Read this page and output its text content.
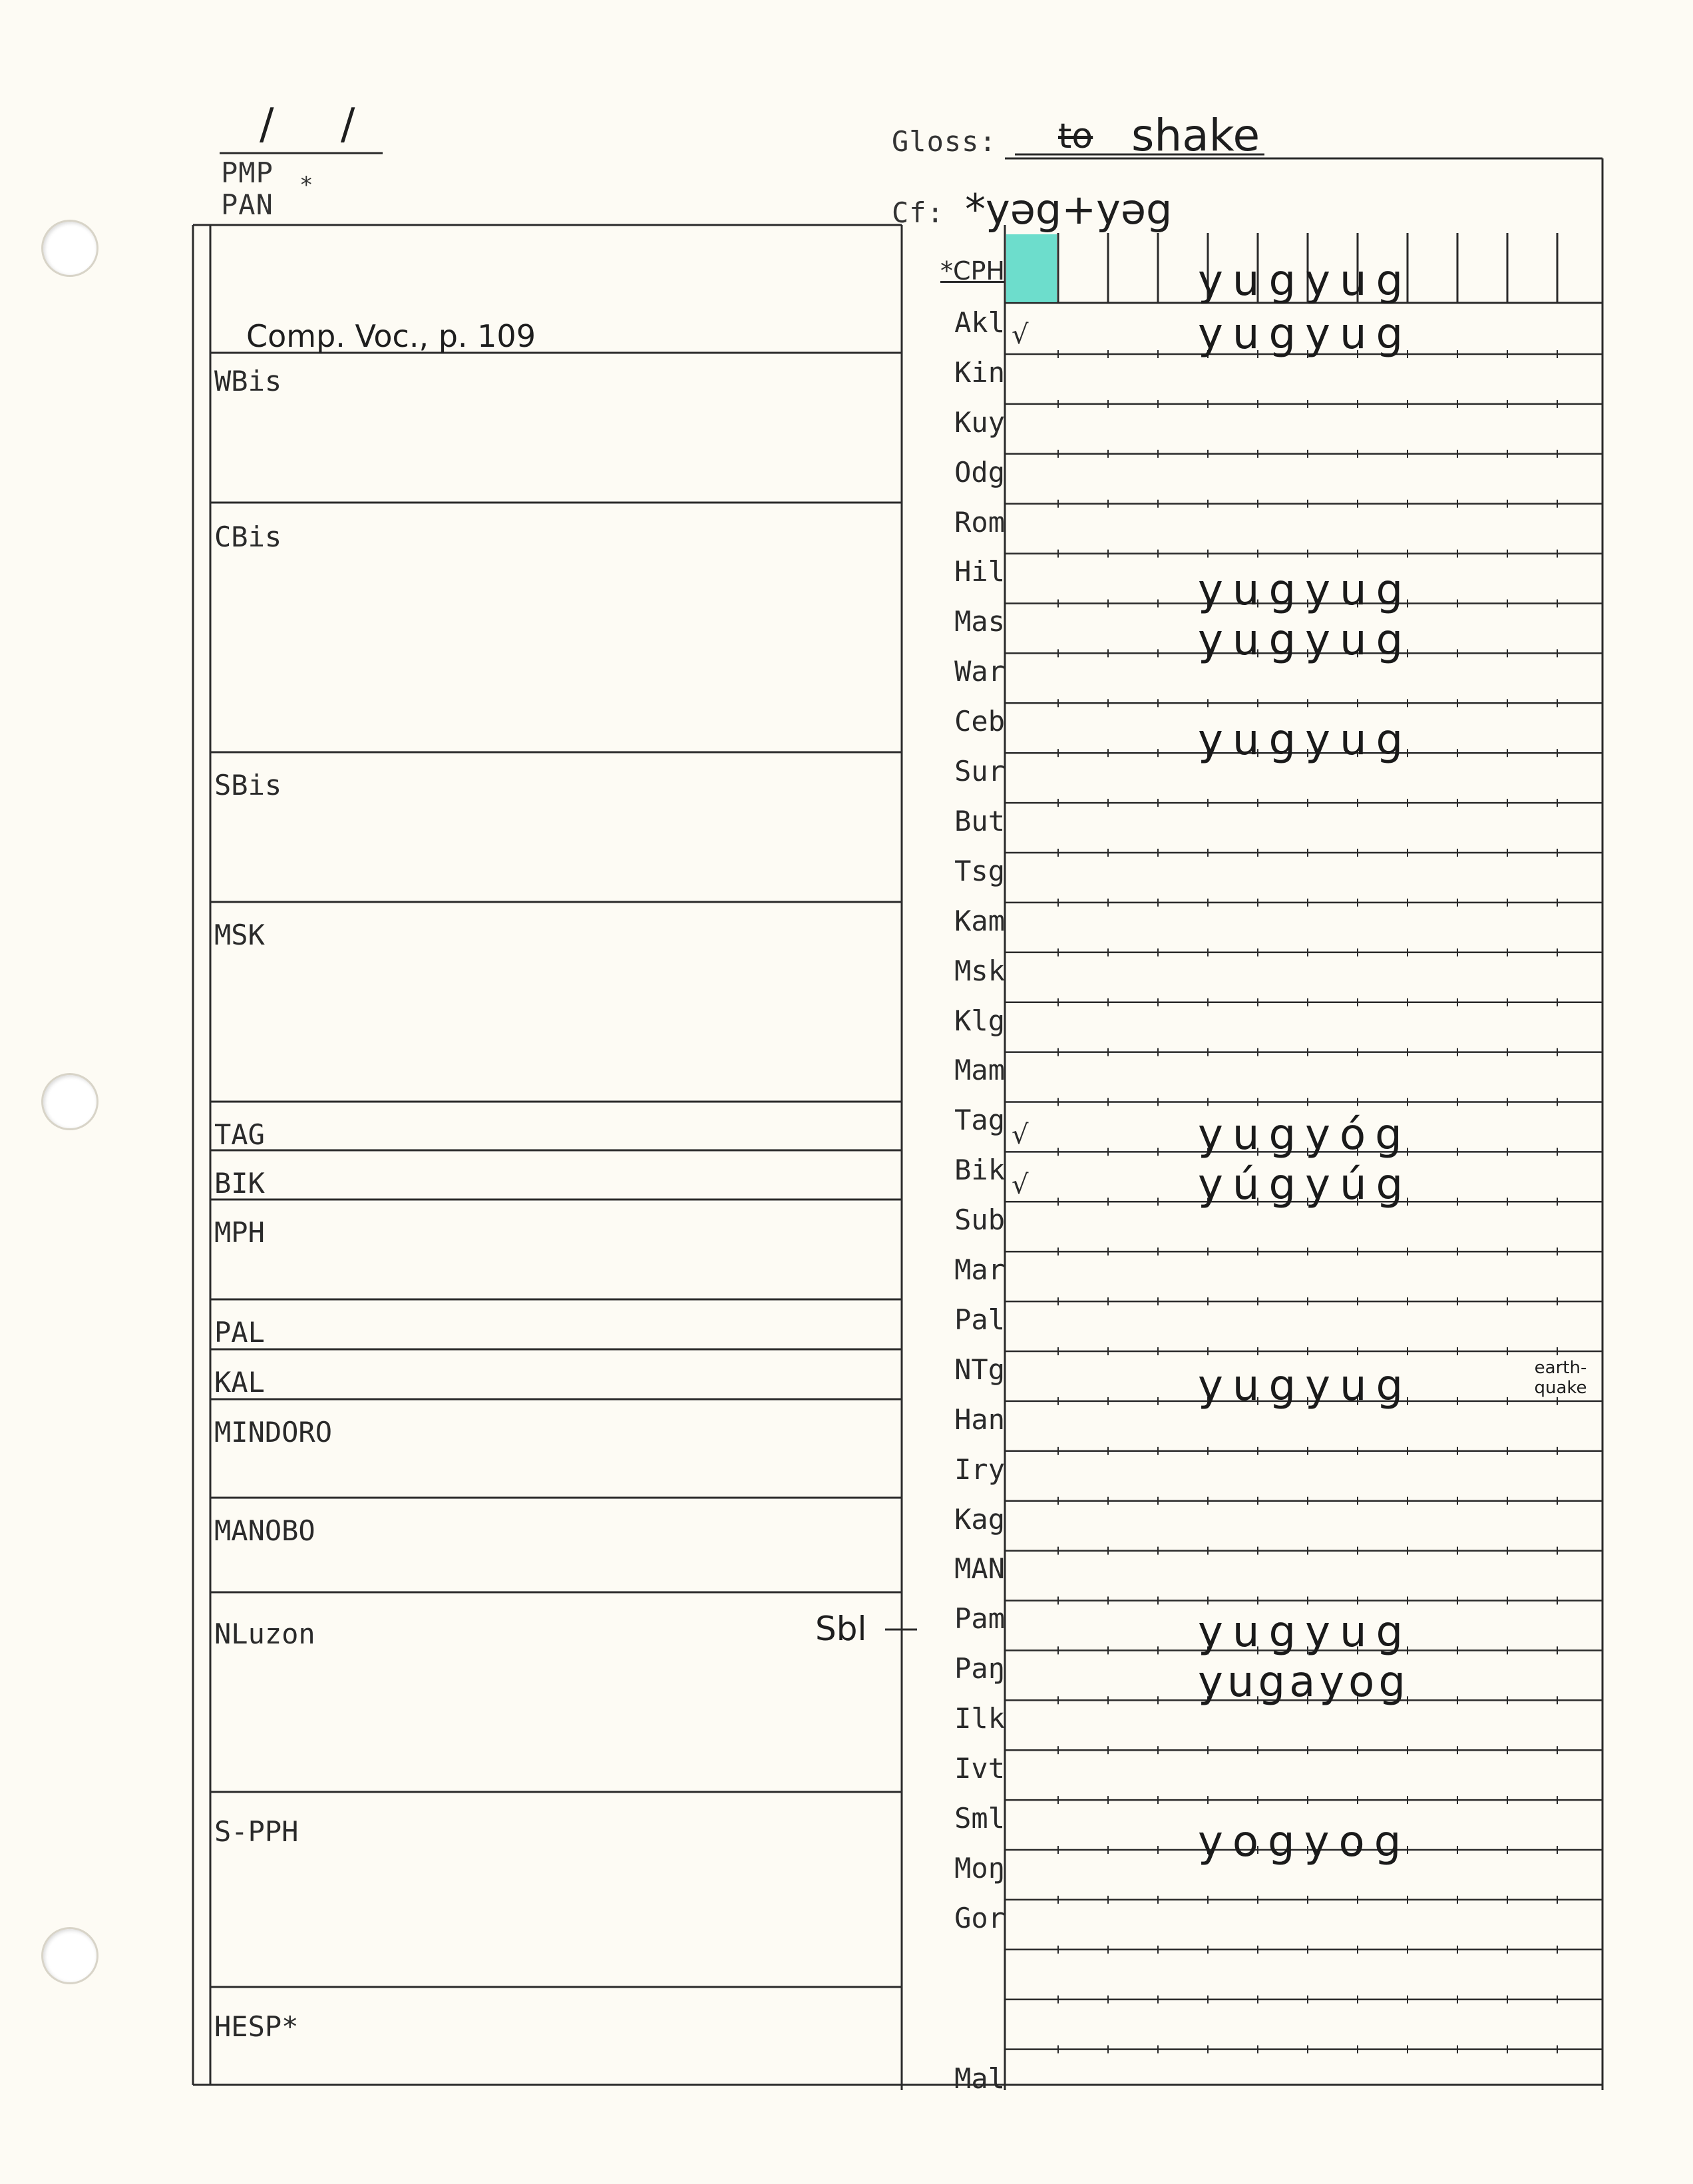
/ /
PMP
PAN
*
Gloss: to shake
Cf: *yəg+yəg
Comp. Voc., p. 109
Sbl
WBis
CBis
SBis
MSK
TAG
BIK
MPH
PAL
KAL
MINDORO
MANOBO
NLuzon
S-PPH
HESP*
*CPH
Akl
Kin
Kuy
Odg
Rom
Hil
Mas
War
Ceb
Sur
But
Tsg
Kam
Msk
Klg
Mam
Tag
Bik
Sub
Mar
Pal
NTg
Han
Iry
Kag
MAN
Pam
Paŋ
Ilk
Ivt
Sml
Moŋ
Gor
Mal
√
√
√
yugyug
yugyug
yugyug
yugyug
yugyug
yugyóg
yúgyúg
yugyug
yugyug
yugayog
yogyog
earth-quake
